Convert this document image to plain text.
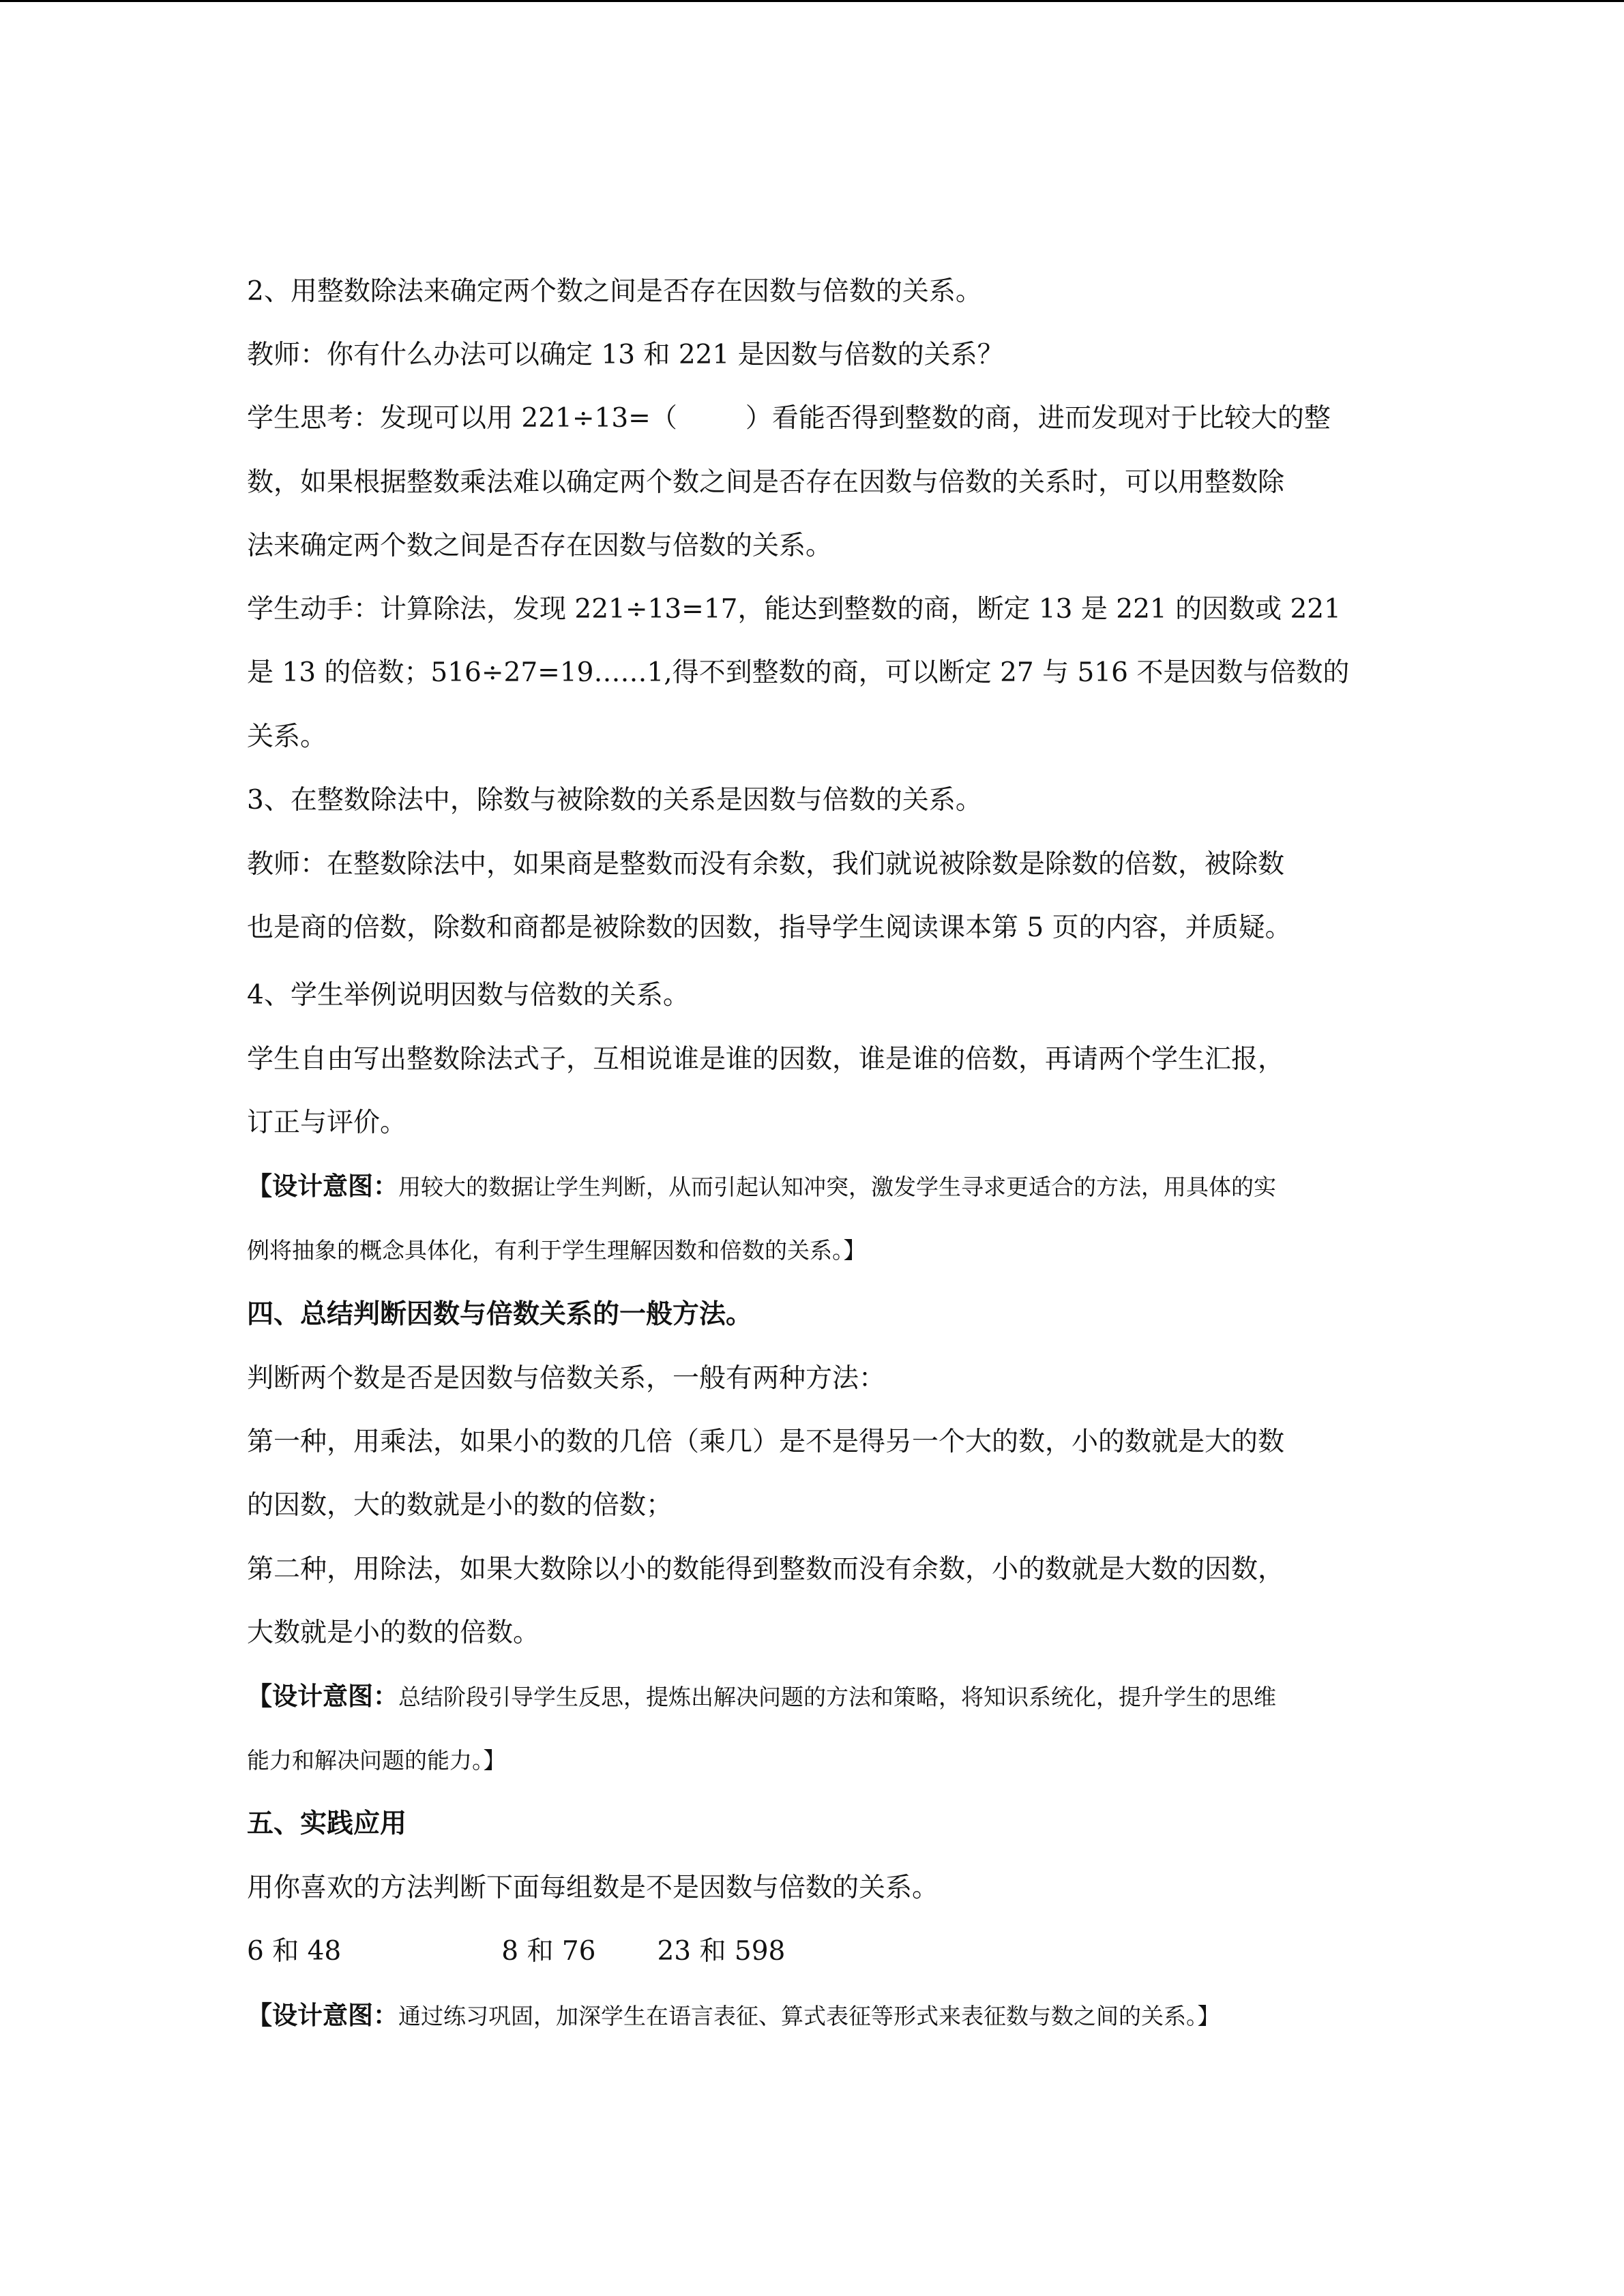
2、用整数除法来确定两个数之间是否存在因数与倍数的关系。
教师：你有什么办法可以确定 13 和 221 是因数与倍数的关系？
学生思考：发现可以用 221÷13=（	）看能否得到整数的商，进而发现对于比较大的整
数，如果根据整数乘法难以确定两个数之间是否存在因数与倍数的关系时，可以用整数除
法来确定两个数之间是否存在因数与倍数的关系。
学生动手：计算除法，发现 221÷13=17，能达到整数的商，断定 13 是 221 的因数或 221
是 13 的倍数；516÷27=19……1,得不到整数的商，可以断定 27 与 516 不是因数与倍数的
关系。
3、在整数除法中，除数与被除数的关系是因数与倍数的关系。
教师：在整数除法中，如果商是整数而没有余数，我们就说被除数是除数的倍数，被除数
也是商的倍数，除数和商都是被除数的因数，指导学生阅读课本第 5 页的内容，并质疑。
4、学生举例说明因数与倍数的关系。
学生自由写出整数除法式子，互相说谁是谁的因数，谁是谁的倍数，再请两个学生汇报，
订正与评价。
【设计意图：用较大的数据让学生判断，从而引起认知冲突，激发学生寻求更适合的方法，用具体的实
例将抽象的概念具体化，有利于学生理解因数和倍数的关系。】
四、总结判断因数与倍数关系的一般方法。
判断两个数是否是因数与倍数关系，一般有两种方法：
第一种，用乘法，如果小的数的几倍（乘几）是不是得另一个大的数，小的数就是大的数
的因数，大的数就是小的数的倍数；
第二种，用除法，如果大数除以小的数能得到整数而没有余数，小的数就是大数的因数，
大数就是小的数的倍数。
【设计意图：总结阶段引导学生反思，提炼出解决问题的方法和策略，将知识系统化，提升学生的思维
能力和解决问题的能力。】
五、实践应用
用你喜欢的方法判断下面每组数是不是因数与倍数的关系。
6 和 48	8 和 76 23 和 598
【设计意图：通过练习巩固，加深学生在语言表征、算式表征等形式来表征数与数之间的关系。】
